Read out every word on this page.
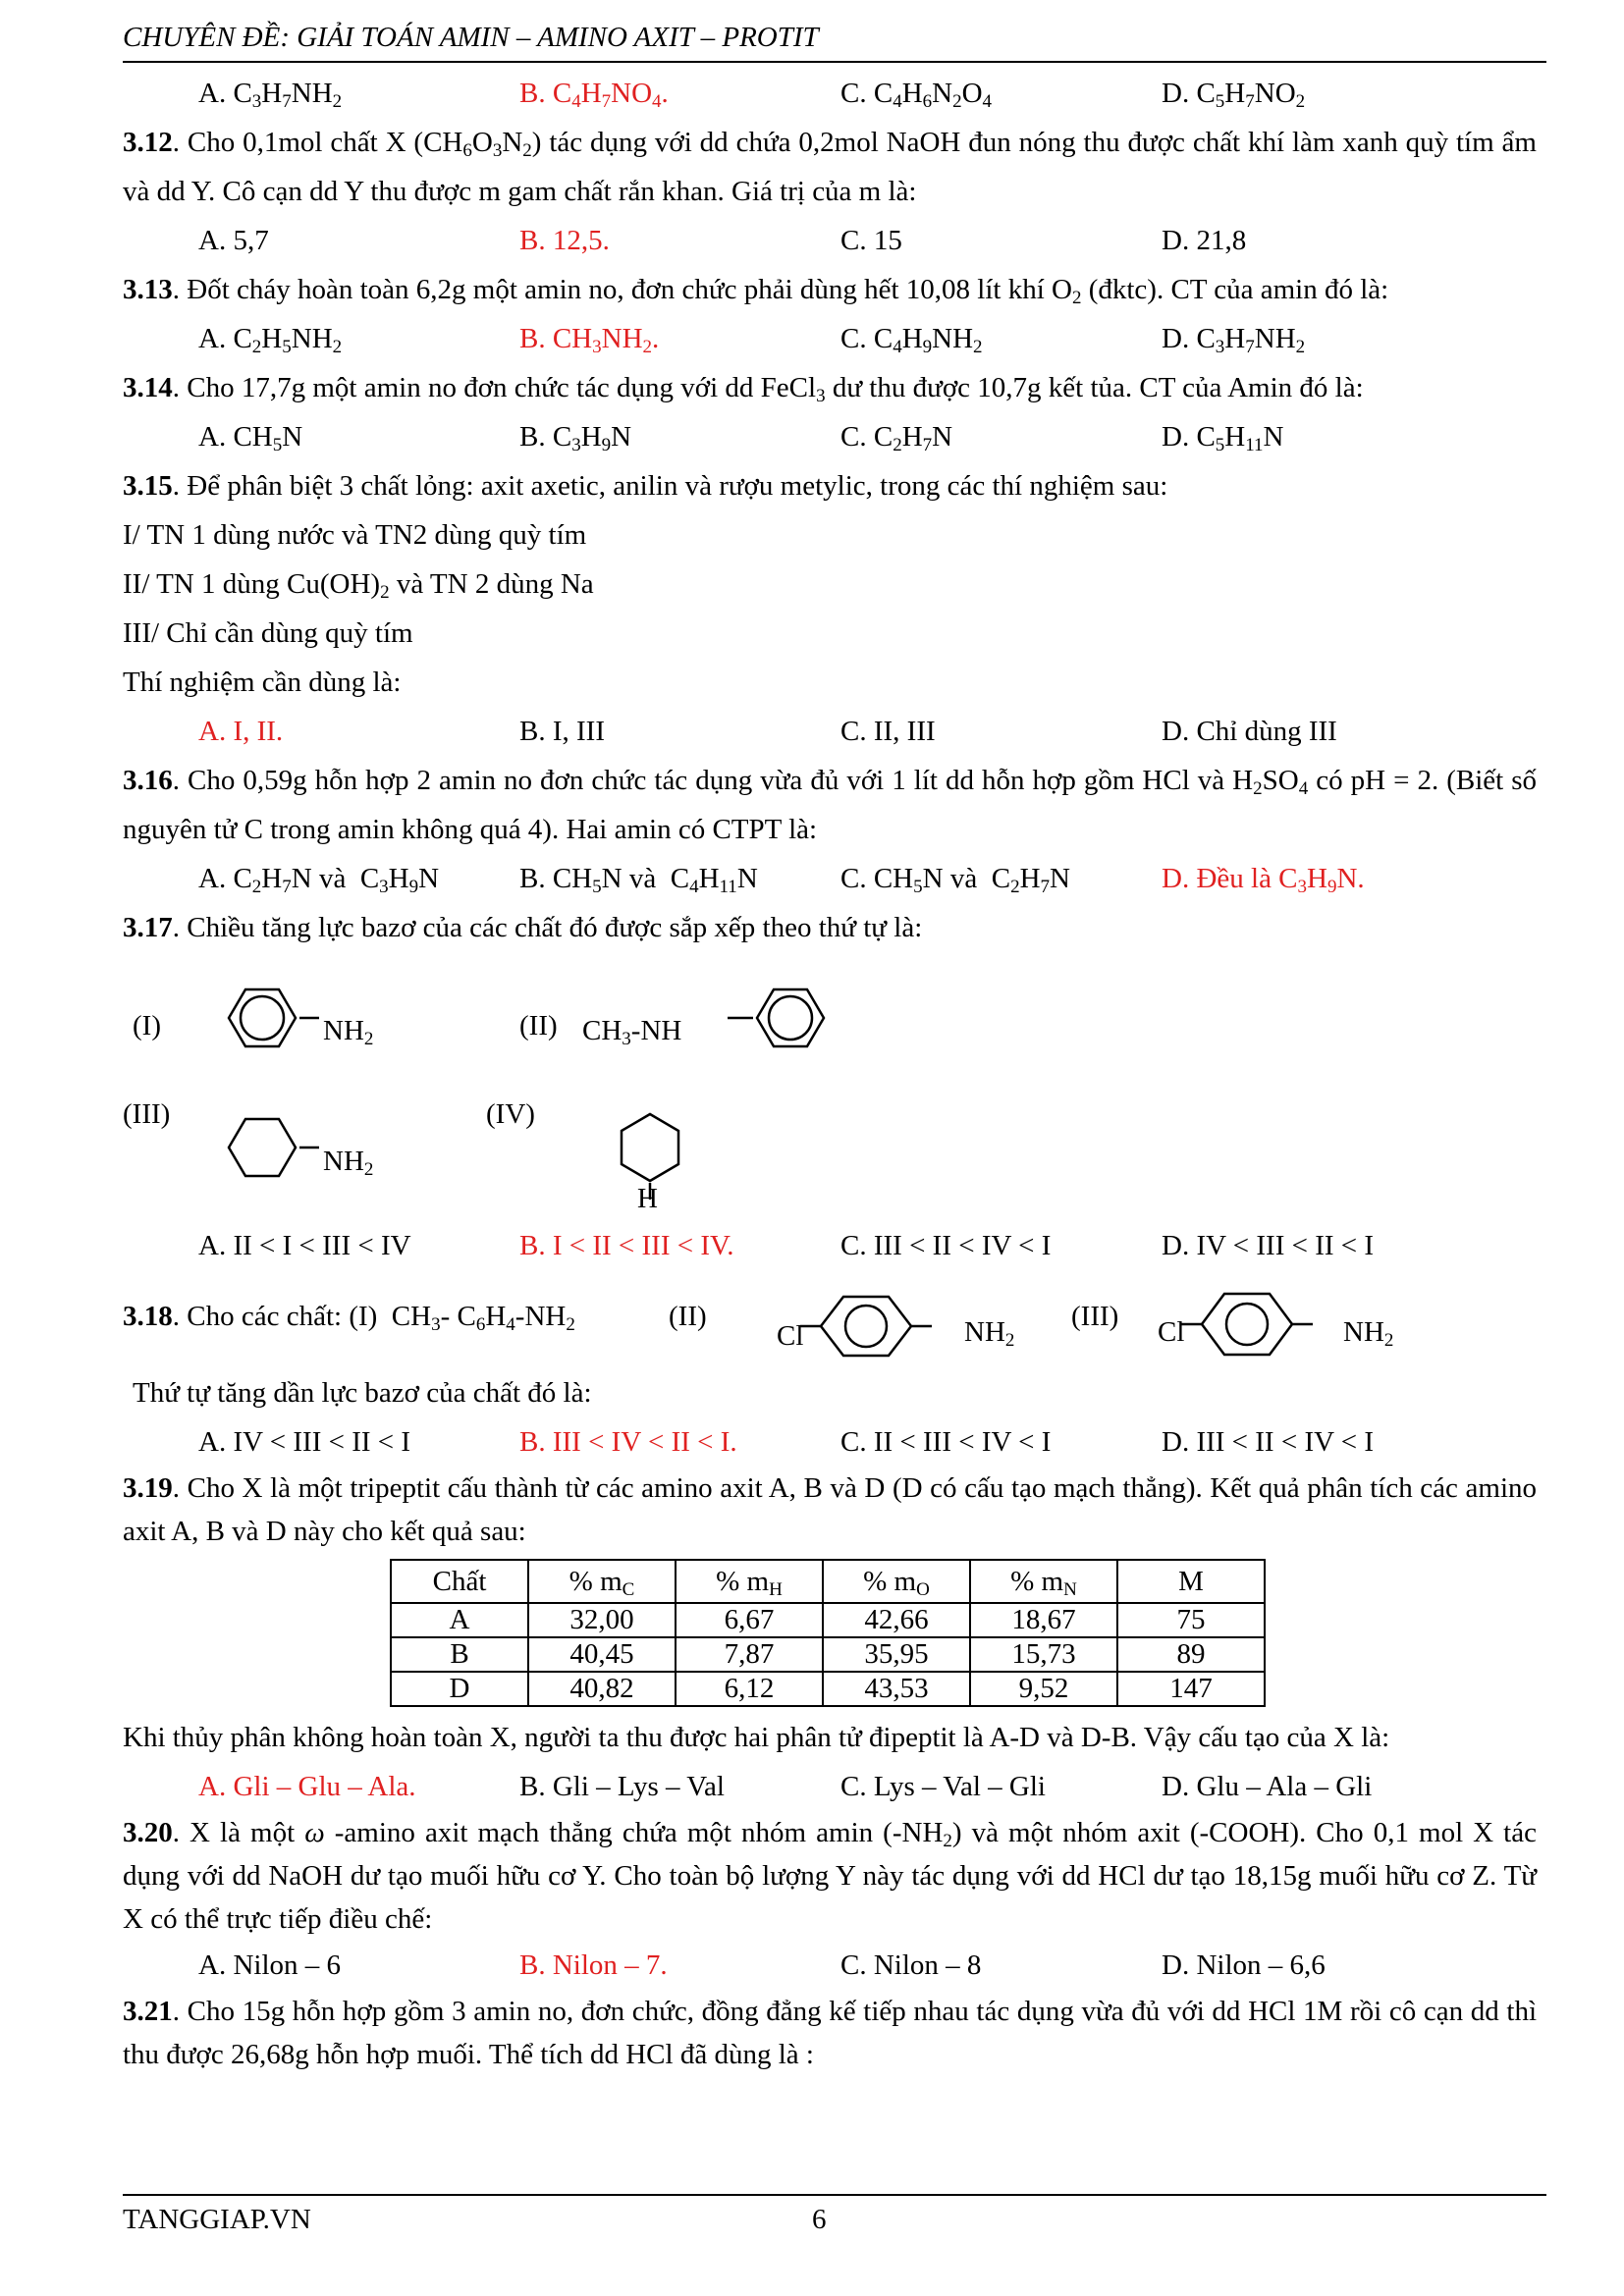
CHUYÊN ĐỀ: GIẢI TOÁN AMIN – AMINO AXIT – PROTIT
A. $C_3H_7NH_2$	B. $C_4H_7NO_4$.	C. $C_4H_6N_2O_4$	D. $C_5H_7NO_2$
3.12. Cho 0,1mol chất X $(CH_6O_3N_2)$ tác dụng với dd chứa 0,2mol NaOH đun nóng thu được chất khí làm xanh quỳ tím ẩm và dd Y. Cô cạn dd Y thu được m gam chất rắn khan. Giá trị của m là:
A. 5,7	B. 12,5.	C. 15	D. 21,8
3.13. Đốt cháy hoàn toàn 6,2g một amin no, đơn chức phải dùng hết 10,08 lít khí $O_2$ (đktc). CT của amin đó là:
A. $C_2H_5NH_2$	B. $CH_3NH_2$.	C. $C_4H_9NH_2$	D. $C_3H_7NH_2$
3.14. Cho 17,7g một amin no đơn chức tác dụng với dd FeCl$_3$ dư thu được 10,7g kết tủa. CT của Amin đó là:
A. $CH_5N$	B. $C_3H_9N$	C. $C_2H_7N$	D. $C_5H_{11}N$
3.15. Để phân biệt 3 chất lỏng: axit axetic, anilin và rượu metylic, trong các thí nghiệm sau:
I/ TN 1 dùng nước và TN2 dùng quỳ tím
II/ TN 1 dùng $Cu(OH)_2$ và TN 2 dùng Na
III/ Chỉ cần dùng quỳ tím
Thí nghiệm cần dùng là:
A. I, II.	B. I, III	C. II, III	D. Chỉ dùng III
3.16. Cho 0,59g hỗn hợp 2 amin no đơn chức tác dụng vừa đủ với 1 lít dd hỗn hợp gồm HCl và $H_2SO_4$ có pH = 2. (Biết số nguyên tử C trong amin không quá 4). Hai amin có CTPT là:
A. $C_2H_7N$ và  $C_3H_9N$	B. $CH_5N$ và  $C_4H_{11}N$	C. $CH_5N$ và  $C_2H_7N$	D. Đều là $C_3H_9N$.
3.17. Chiều tăng lực bazơ của các chất đó được sắp xếp theo thứ tự là:
(I)	$NH_2$	(II) $CH_3-NH$
(III)
$NH_2$
(IV)
H
A. II < I < III < IV	B. I < II < III < IV.	C. III < II < IV < I	D. IV < III < II < I
3.18. Cho các chất: (I)  $CH_3-$ $C_6H_4-NH_2$	(II)
Cl	$NH_2$
(III) Cl	$NH_2$
Thứ tự tăng dần lực bazơ của chất đó là:
A. IV < III < II < I	B. III < IV < II < I.	C. II < III < IV < I	D. III < II < IV < I
3.19. Cho X là một tripeptit cấu thành từ các amino axit A, B và D (D có cấu tạo mạch thẳng). Kết quả phân tích các amino axit A, B và D này cho kết quả sau:
Chất	% $m_C$	% $m_H$	% $m_O$	% $m_N$	M
A	32,00	6,67	42,66	18,67	75
B	40,45	7,87	35,95	15,73	89
D	40,82	6,12	43,53	9,52	147
Khi thủy phân không hoàn toàn X, người ta thu được hai phân tử đipeptit là A-D và D-B. Vậy cấu tạo của X là:
A. Gli – Glu – Ala.	B. Gli – Lys – Val	C. Lys – Val – Gli	D. Glu – Ala – Gli
3.20. X là một ω -amino axit mạch thẳng chứa một nhóm amin $(-NH_2)$ và một nhóm axit (-COOH). Cho 0,1 mol X tác dụng với dd NaOH dư tạo muối hữu cơ Y. Cho toàn bộ lượng Y này tác dụng với dd HCl dư tạo 18,15g muối hữu cơ Z. Từ X có thể trực tiếp điều chế:
A. Nilon – 6	B. Nilon – 7.	C. Nilon – 8	D. Nilon – 6,6
3.21. Cho 15g hỗn hợp gồm 3 amin no, đơn chức, đồng đẳng kế tiếp nhau tác dụng vừa đủ với dd HCl 1M rồi cô cạn dd thì thu được 26,68g hỗn hợp muối. Thể tích dd HCl đã dùng là :
TANGGIAP.VN	6
